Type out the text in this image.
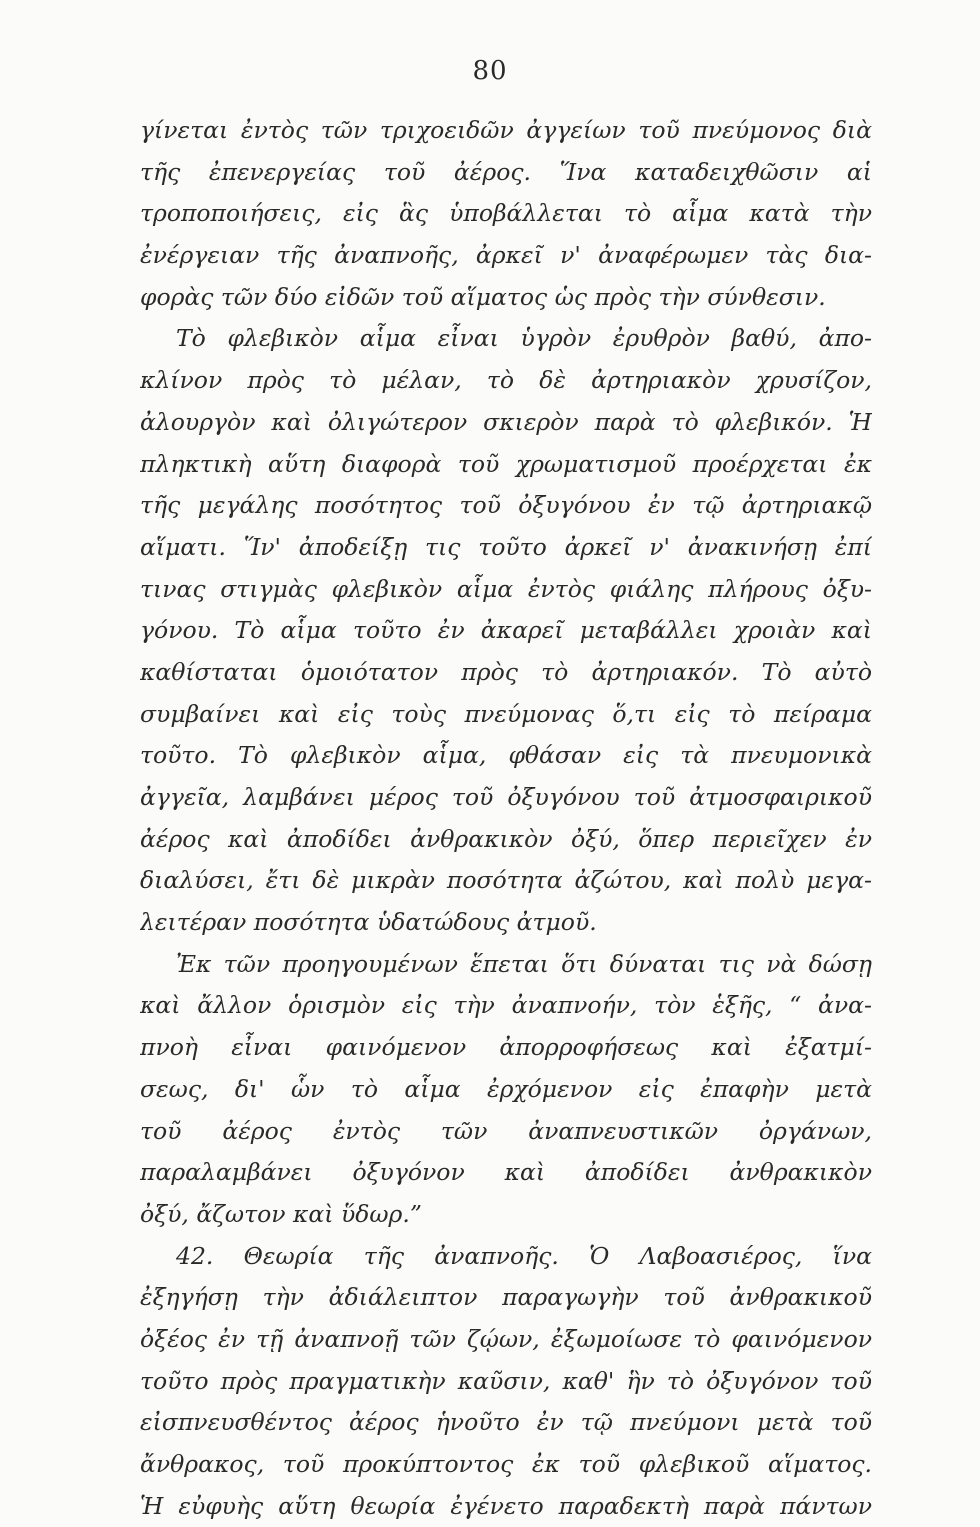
80
γίνεται ἐντὸς τῶν τριχοειδῶν ἀγγείων τοῦ πνεύμονος διὰ
τῆς ἐπενεργείας τοῦ ἀέρος. Ἵνα καταδειχθῶσιν αἱ
τροποποιήσεις, εἰς ἃς ὑποβάλλεται τὸ αἷμα κατὰ τὴν
ἐνέργειαν τῆς ἀναπνοῆς, ἀρκεῖ ν' ἀναφέρωμεν τὰς δια-
φορὰς τῶν δύο εἰδῶν τοῦ αἵματος ὡς πρὸς τὴν σύνθεσιν.
Τὸ φλεβικὸν αἷμα εἶναι ὑγρὸν ἐρυθρὸν βαθύ, ἀπο-
κλίνον πρὸς τὸ μέλαν, τὸ δὲ ἀρτηριακὸν χρυσίζον,
ἀλουργὸν καὶ ὀλιγώτερον σκιερὸν παρὰ τὸ φλεβικόν. Ἡ
πληκτικὴ αὕτη διαφορὰ τοῦ χρωματισμοῦ προέρχεται ἐκ
τῆς μεγάλης ποσότητος τοῦ ὀξυγόνου ἐν τῷ ἀρτηριακῷ
αἵματι. Ἵν' ἀποδείξῃ τις τοῦτο ἀρκεῖ ν' ἀνακινήσῃ ἐπί
τινας στιγμὰς φλεβικὸν αἷμα ἐντὸς φιάλης πλήρους ὀξυ-
γόνου. Τὸ αἷμα τοῦτο ἐν ἀκαρεῖ μεταβάλλει χροιὰν καὶ
καθίσταται ὁμοιότατον πρὸς τὸ ἀρτηριακόν. Τὸ αὐτὸ
συμβαίνει καὶ εἰς τοὺς πνεύμονας ὅ,τι εἰς τὸ πείραμα
τοῦτο. Τὸ φλεβικὸν αἷμα, φθάσαν εἰς τὰ πνευμονικὰ
ἀγγεῖα, λαμβάνει μέρος τοῦ ὀξυγόνου τοῦ ἀτμοσφαιρικοῦ
ἀέρος καὶ ἀποδίδει ἀνθρακικὸν ὀξύ, ὅπερ περιεῖχεν ἐν
διαλύσει, ἔτι δὲ μικρὰν ποσότητα ἀζώτου, καὶ πολὺ μεγα-
λειτέραν ποσότητα ὑδατώδους ἀτμοῦ.
Ἐκ τῶν προηγουμένων ἕπεται ὅτι δύναται τις νὰ δώσῃ
καὶ ἄλλον ὁρισμὸν εἰς τὴν ἀναπνοήν, τὸν ἑξῆς, “ ἀνα-
πνοὴ εἶναι φαινόμενον ἀπορροφήσεως καὶ ἐξατμί-
σεως, δι' ὧν τὸ αἷμα ἐρχόμενον εἰς ἐπαφὴν μετὰ
τοῦ ἀέρος ἐντὸς τῶν ἀναπνευστικῶν ὀργάνων,
παραλαμβάνει ὀξυγόνον καὶ ἀποδίδει ἀνθρακικὸν
ὀξύ, ἄζωτον καὶ ὕδωρ.”
42. Θεωρία τῆς ἀναπνοῆς. Ὁ Λαβοασιέρος, ἵνα
ἐξηγήσῃ τὴν ἀδιάλειπτον παραγωγὴν τοῦ ἀνθρακικοῦ
ὀξέος ἐν τῇ ἀναπνοῇ τῶν ζῴων, ἐξωμοίωσε τὸ φαινόμενον
τοῦτο πρὸς πραγματικὴν καῦσιν, καθ' ἣν τὸ ὀξυγόνον τοῦ
εἰσπνευσθέντος ἀέρος ἡνοῦτο ἐν τῷ πνεύμονι μετὰ τοῦ
ἄνθρακος, τοῦ προκύπτοντος ἐκ τοῦ φλεβικοῦ αἵματος.
Ἡ εὐφυὴς αὕτη θεωρία ἐγένετο παραδεκτὴ παρὰ πάντων
